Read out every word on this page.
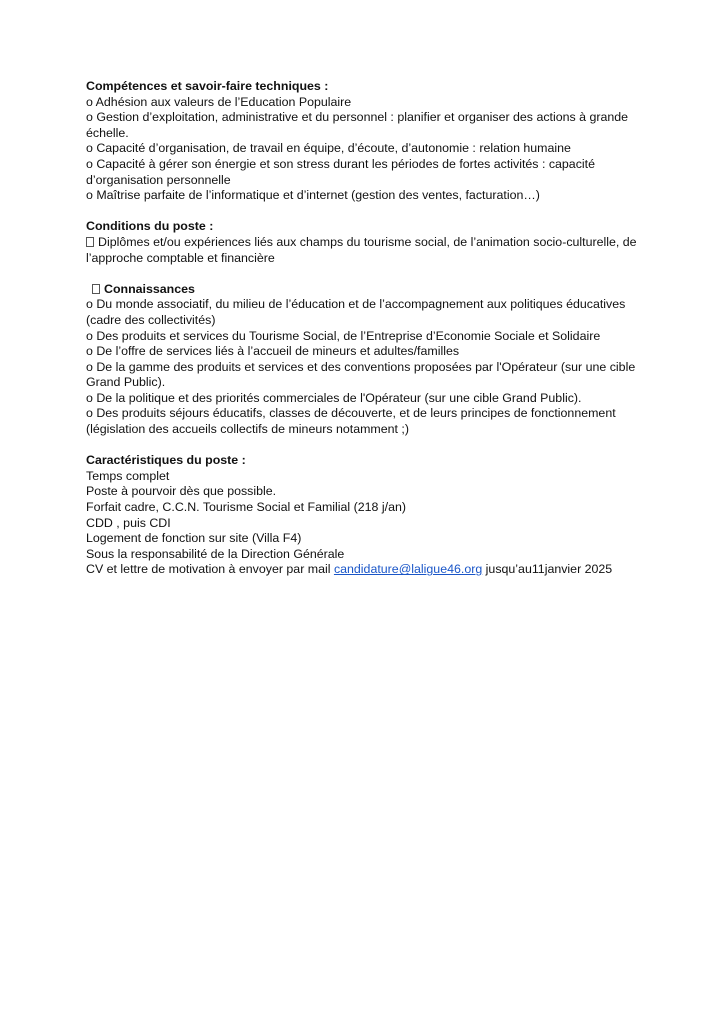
Compétences et savoir-faire techniques :
o Adhésion aux valeurs de l’Education Populaire
o Gestion d’exploitation, administrative et du personnel : planifier et organiser des actions à grande échelle.
o Capacité d’organisation, de travail en équipe, d’écoute, d’autonomie : relation humaine
o Capacité à gérer son énergie et son stress durant les périodes de fortes activités : capacité d’organisation personnelle
o Maîtrise parfaite de l’informatique et d’internet (gestion des ventes, facturation…)
Conditions du poste :
Diplômes et/ou expériences liés aux champs du tourisme social, de l’animation socio-culturelle, de l’approche comptable et financière
Connaissances
o Du monde associatif, du milieu de l’éducation et de l’accompagnement aux politiques éducatives (cadre des collectivités)
o Des produits et services du Tourisme Social, de l’Entreprise d’Economie Sociale et Solidaire
o De l’offre de services liés à l’accueil de mineurs et adultes/familles
o De la gamme des produits et services et des conventions proposées par l'Opérateur (sur une cible Grand Public).
o De la politique et des priorités commerciales de l'Opérateur (sur une cible Grand Public).
o Des produits séjours éducatifs, classes de découverte, et de leurs principes de fonctionnement (législation des accueils collectifs de mineurs notamment ;)
Caractéristiques du poste :
Temps complet
Poste à pourvoir dès que possible.
Forfait cadre, C.C.N. Tourisme Social et Familial (218 j/an)
CDD , puis CDI
Logement de fonction sur site (Villa F4)
Sous la responsabilité de la Direction Générale
CV et lettre de motivation à envoyer par mail candidature@laligue46.org jusqu’au11janvier 2025
